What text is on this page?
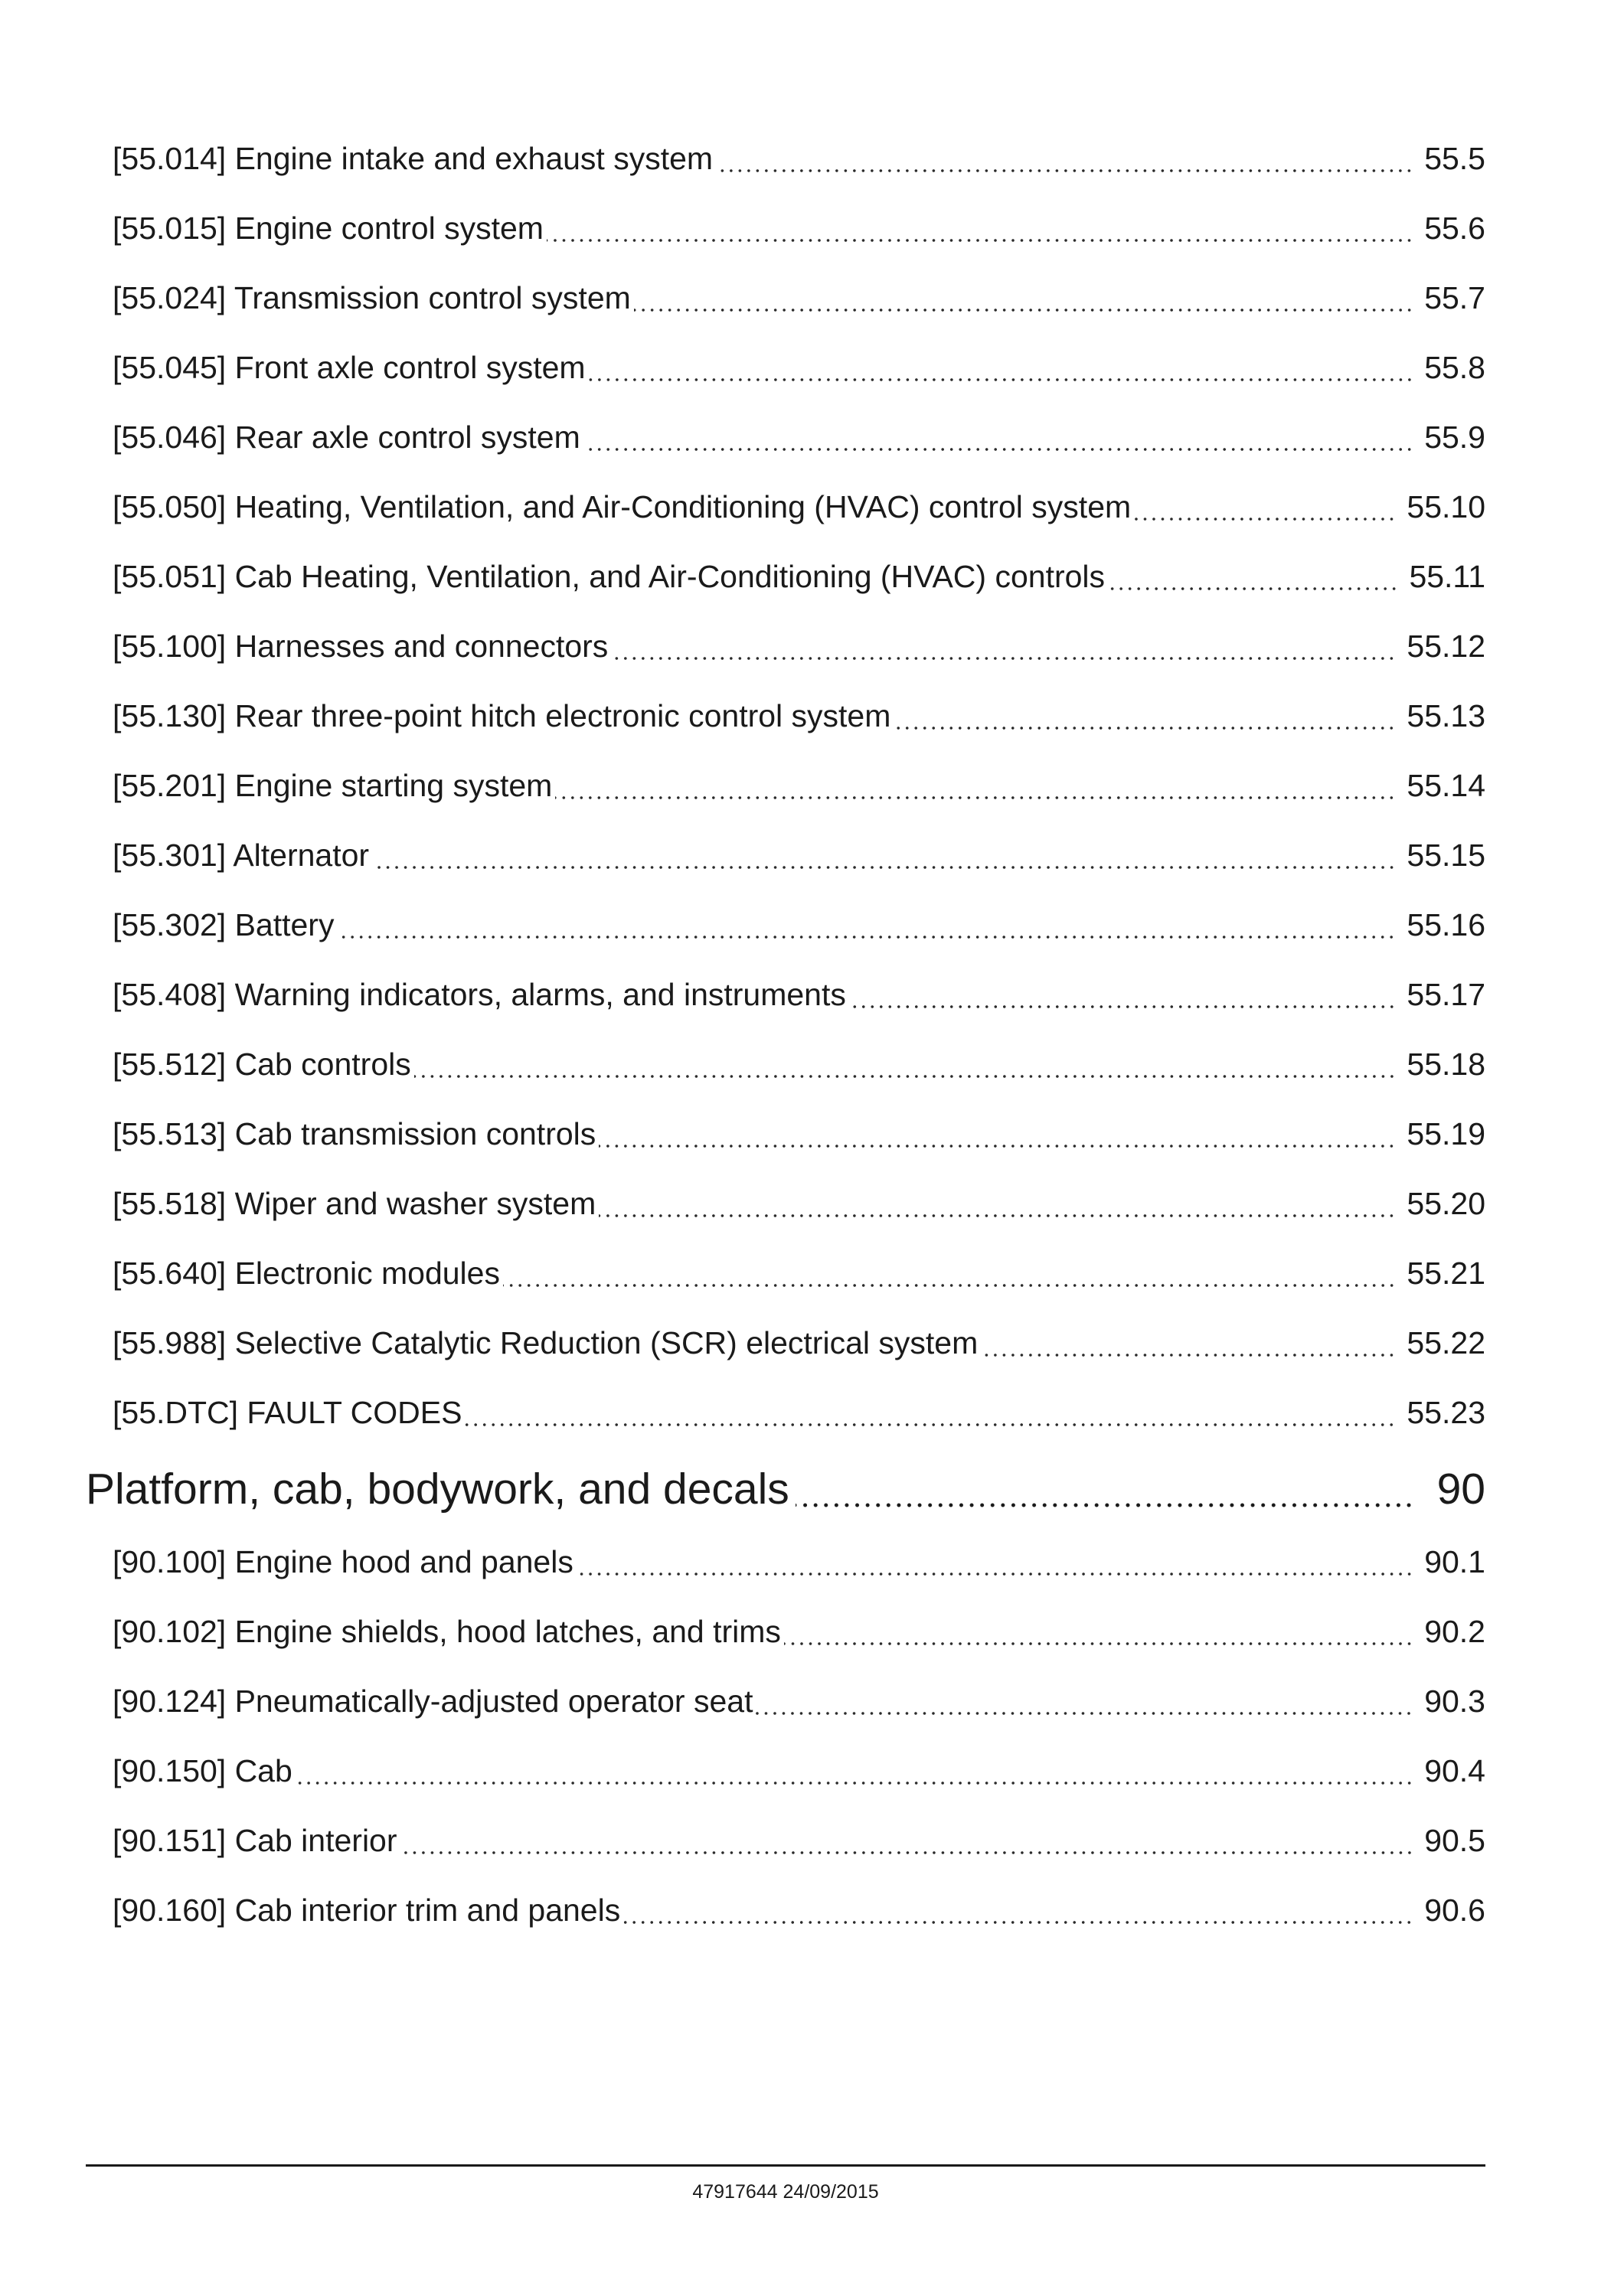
[55.014] Engine intake and exhaust system	55.5
[55.015] Engine control system	55.6
[55.024] Transmission control system	55.7
[55.045] Front axle control system	55.8
[55.046] Rear axle control system	55.9
[55.050] Heating, Ventilation, and Air-Conditioning (HVAC) control system	55.10
[55.051] Cab Heating, Ventilation, and Air-Conditioning (HVAC) controls	55.11
[55.100] Harnesses and connectors	55.12
[55.130] Rear three-point hitch electronic control system	55.13
[55.201] Engine starting system	55.14
[55.301] Alternator	55.15
[55.302] Battery	55.16
[55.408] Warning indicators, alarms, and instruments	55.17
[55.512] Cab controls	55.18
[55.513] Cab transmission controls	55.19
[55.518] Wiper and washer system	55.20
[55.640] Electronic modules	55.21
[55.988] Selective Catalytic Reduction (SCR) electrical system	55.22
[55.DTC] FAULT CODES	55.23
Platform, cab, bodywork, and decals	90
[90.100] Engine hood and panels	90.1
[90.102] Engine shields, hood latches, and trims	90.2
[90.124] Pneumatically-adjusted operator seat	90.3
[90.150] Cab	90.4
[90.151] Cab interior	90.5
[90.160] Cab interior trim and panels	90.6
47917644 24/09/2015
